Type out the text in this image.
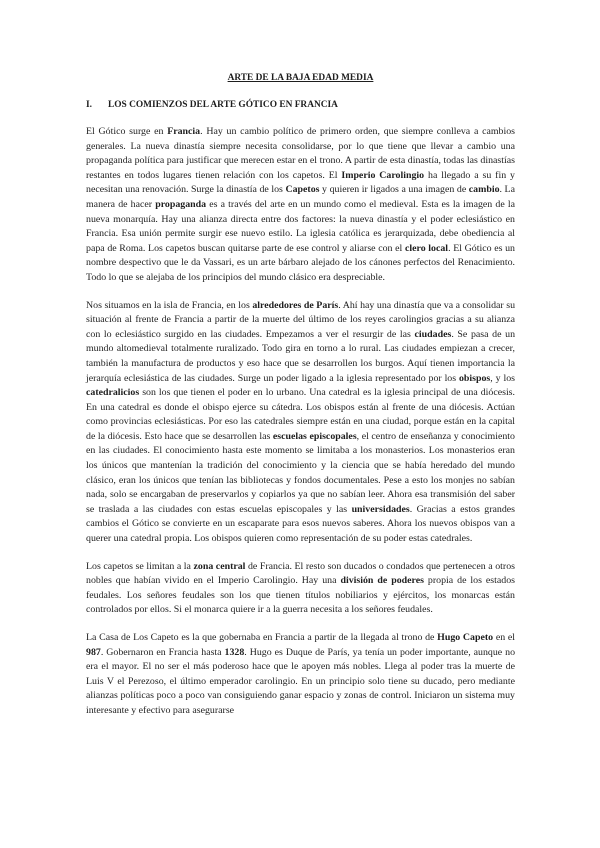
ARTE DE LA BAJA EDAD MEDIA
I.	LOS COMIENZOS DEL ARTE GÓTICO EN FRANCIA

El Gótico surge en Francia. Hay un cambio político de primero orden, que siempre conlleva a cambios generales. La nueva dinastía siempre necesita consolidarse, por lo que tiene que llevar a cambio una propaganda política para justificar que merecen estar en el trono. A partir de esta dinastía, todas las dinastías restantes en todos lugares tienen relación con los capetos. El Imperio Carolingio ha llegado a su fin y necesitan una renovación. Surge la dinastía de los Capetos y quieren ir ligados a una imagen de cambio. La manera de hacer propaganda es a través del arte en un mundo como el medieval. Esta es la imagen de la nueva monarquía. Hay una alianza directa entre dos factores: la nueva dinastía y el poder eclesiástico en Francia. Esa unión permite surgir ese nuevo estilo. La iglesia católica es jerarquizada, debe obediencia al papa de Roma. Los capetos buscan quitarse parte de ese control y aliarse con el clero local. El Gótico es un nombre despectivo que le da Vassari, es un arte bárbaro alejado de los cánones perfectos del Renacimiento. Todo lo que se alejaba de los principios del mundo clásico era despreciable.

Nos situamos en la isla de Francia, en los alrededores de París. Ahí hay una dinastía que va a consolidar su situación al frente de Francia a partir de la muerte del último de los reyes carolingios gracias a su alianza con lo eclesiástico surgido en las ciudades. Empezamos a ver el resurgir de las ciudades. Se pasa de un mundo altomedieval totalmente ruralizado. Todo gira en torno a lo rural. Las ciudades empiezan a crecer, también la manufactura de productos y eso hace que se desarrollen los burgos. Aquí tienen importancia la jerarquía eclesiástica de las ciudades. Surge un poder ligado a la iglesia representado por los obispos, y los catedralicios son los que tienen el poder en lo urbano. Una catedral es la iglesia principal de una diócesis. En una catedral es donde el obispo ejerce su cátedra. Los obispos están al frente de una diócesis. Actúan como provincias eclesiásticas. Por eso las catedrales siempre están en una ciudad, porque están en la capital de la diócesis. Esto hace que se desarrollen las escuelas episcopales, el centro de enseñanza y conocimiento en las ciudades. El conocimiento hasta este momento se limitaba a los monasterios. Los monasterios eran los únicos que mantenían la tradición del conocimiento y la ciencia que se había heredado del mundo clásico, eran los únicos que tenían las bibliotecas y fondos documentales. Pese a esto los monjes no sabían nada, solo se encargaban de preservarlos y copiarlos ya que no sabían leer. Ahora esa transmisión del saber se traslada a las ciudades con estas escuelas episcopales y las universidades. Gracias a estos grandes cambios el Gótico se convierte en un escaparate para esos nuevos saberes. Ahora los nuevos obispos van a querer una catedral propia. Los obispos quieren como representación de su poder estas catedrales.

Los capetos se limitan a la zona central de Francia. El resto son ducados o condados que pertenecen a otros nobles que habían vivido en el Imperio Carolingio. Hay una división de poderes propia de los estados feudales. Los señores feudales son los que tienen títulos nobiliarios y ejércitos, los monarcas están controlados por ellos. Si el monarca quiere ir a la guerra necesita a los señores feudales.

La Casa de Los Capeto es la que gobernaba en Francia a partir de la llegada al trono de Hugo Capeto en el 987. Gobernaron en Francia hasta 1328. Hugo es Duque de París, ya tenía un poder importante, aunque no era el mayor. El no ser el más poderoso hace que le apoyen más nobles. Llega al poder tras la muerte de Luis V el Perezoso, el último emperador carolingio. En un principio solo tiene su ducado, pero mediante alianzas políticas poco a poco van consiguiendo ganar espacio y zonas de control. Iniciaron un sistema muy interesante y efectivo para asegurarse
